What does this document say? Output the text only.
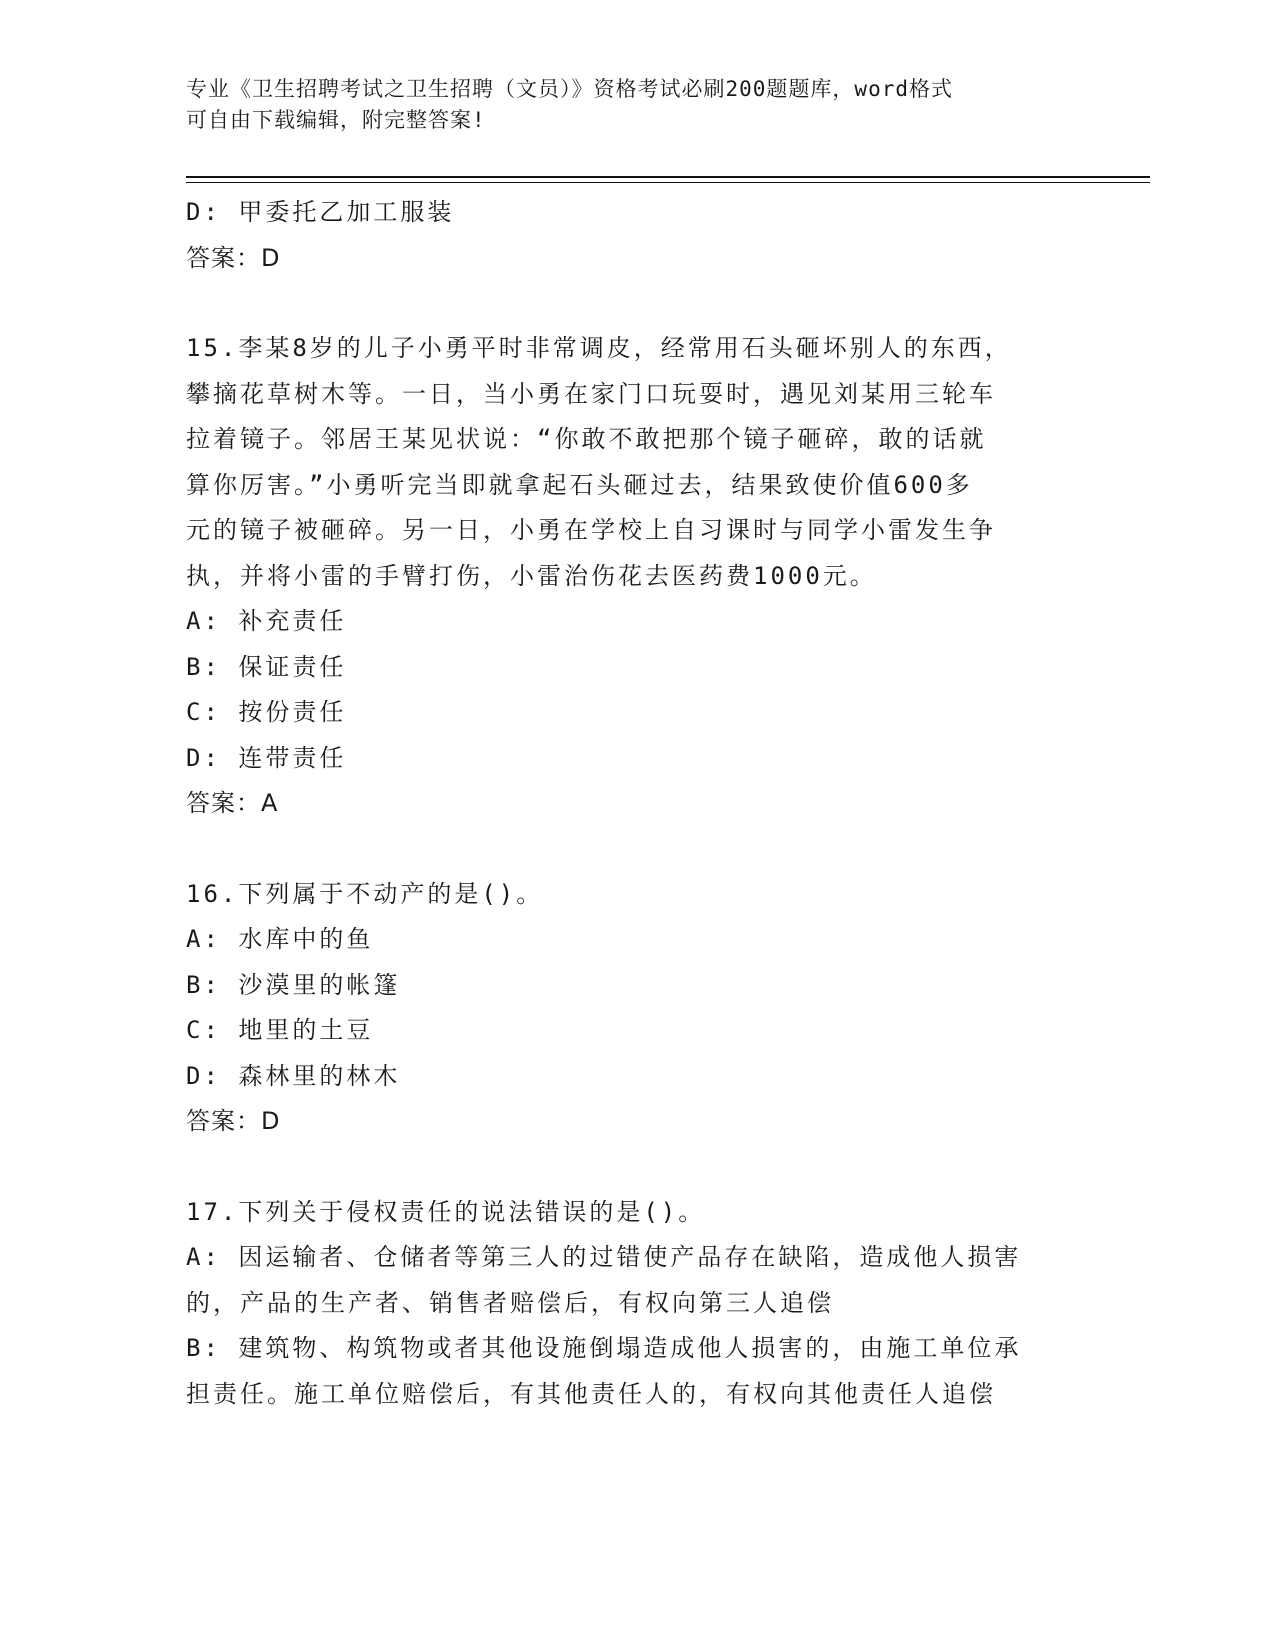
专业《卫生招聘考试之卫生招聘（文员）》资格考试必刷200题题库，word格式
可自由下载编辑，附完整答案!
D: 甲委托乙加工服装
答案：D
15.李某8岁的儿子小勇平时非常调皮，经常用石头砸坏别人的东西，
攀摘花草树木等。一日，当小勇在家门口玩耍时，遇见刘某用三轮车
拉着镜子。邻居王某见状说：“你敢不敢把那个镜子砸碎，敢的话就
算你厉害。”小勇听完当即就拿起石头砸过去，结果致使价值600多
元的镜子被砸碎。另一日，小勇在学校上自习课时与同学小雷发生争
执，并将小雷的手臂打伤，小雷治伤花去医药费1000元。
A: 补充责任
B: 保证责任
C: 按份责任
D: 连带责任
答案：A
16.下列属于不动产的是()。
A: 水库中的鱼
B: 沙漠里的帐篷
C: 地里的土豆
D: 森林里的林木
答案：D
17.下列关于侵权责任的说法错误的是()。
A: 因运输者、仓储者等第三人的过错使产品存在缺陷，造成他人损害
的，产品的生产者、销售者赔偿后，有权向第三人追偿
B: 建筑物、构筑物或者其他设施倒塌造成他人损害的，由施工单位承
担责任。施工单位赔偿后，有其他责任人的，有权向其他责任人追偿
